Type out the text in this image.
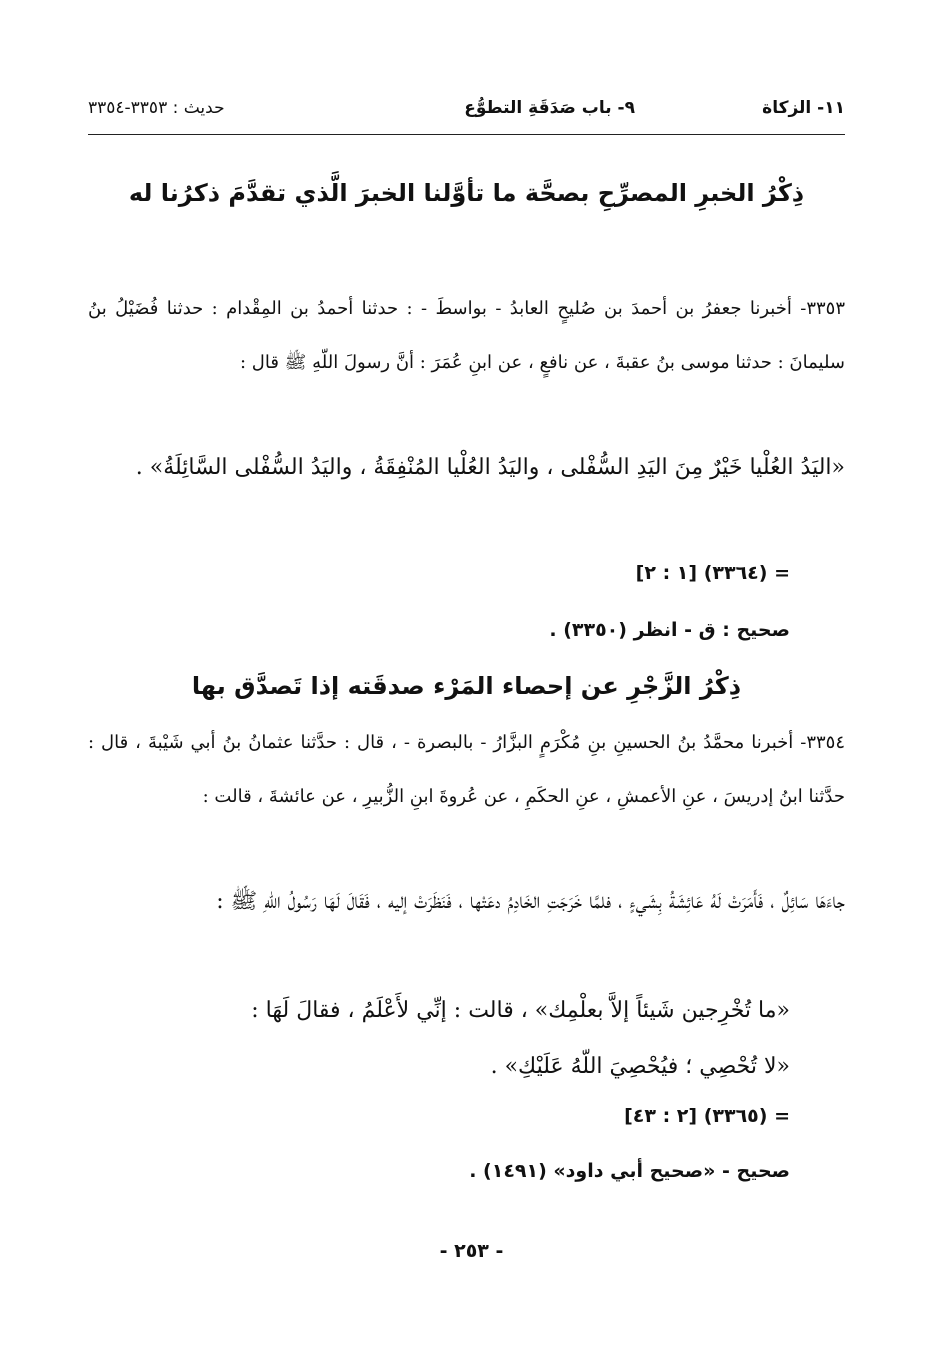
١١- الزكاة
٩- باب صَدَقَةِ التطوُّع
حديث : ٣٣٥٣-٣٣٥٤
ذِكْرُ الخبرِ المصرِّحِ بصحَّة ما تأوَّلنا الخبرَ الَّذي تقدَّمَ ذكرُنا له
٣٣٥٣- أخبرنا جعفرُ بن أحمدَ بن صُليحٍ العابدُ - بواسطَ - : حدثنا أحمدُ بن المِقْدام : حدثنا فُضَيْلُ بنُ سليمانَ : حدثنا موسى بنُ عقبةَ ، عن نافعٍ ، عن ابنِ عُمَرَ : أنَّ رسولَ اللّهِ ﷺ قال :
«اليَدُ العُلْيا خَيْرٌ مِنَ اليَدِ السُّفْلى ، واليَدُ العُلْيا المُنْفِقَةُ ، واليَدُ السُّفْلى السَّائِلَةُ» .
= (٣٣٦٤) [١ : ٢]
صحيح : ق - انظر (٣٣٥٠) .
ذِكْرُ الزَّجْرِ عن إحصاء المَرْء صدقَته إذا تَصدَّق بها
٣٣٥٤- أخبرنا محمَّدُ بنُ الحسينِ بنِ مُكْرَمٍ البزَّارُ - بالبصرة - ، قال : حدَّثنا عثمانُ بنُ أبي شَيْبةَ ، قال : حدَّثنا ابنُ إدريسَ ، عنِ الأعمشِ ، عنِ الحكَمِ ، عن عُروةَ ابنِ الزُّبيرِ ، عن عائشةَ ، قالت :
جاءَهَا سَائِلٌ ، فَأَمَرَتْ لَهُ عَائِشَةُ بِشَيءٍ ، فلمَّا خَرَجَتِ الخَادِمُ دعَتْها ، فَنَظَرَتْ إليه ، فَقَالَ لَهَا رَسُولُ اللّهِ ﷺ :
«ما تُخْرِجين شَيئاً إلاَّ بعلْمِك» ، قالت : إنِّي لأَعْلَمُ ، فقالَ لَهَا :
«لا تُحْصِي ؛ فيُحْصِيَ اللّهُ عَلَيْكِ» .
= (٣٣٦٥) [٢ : ٤٣]
صحيح - «صحيح أبي داود» (١٤٩١) .
- ٢٥٣ -
